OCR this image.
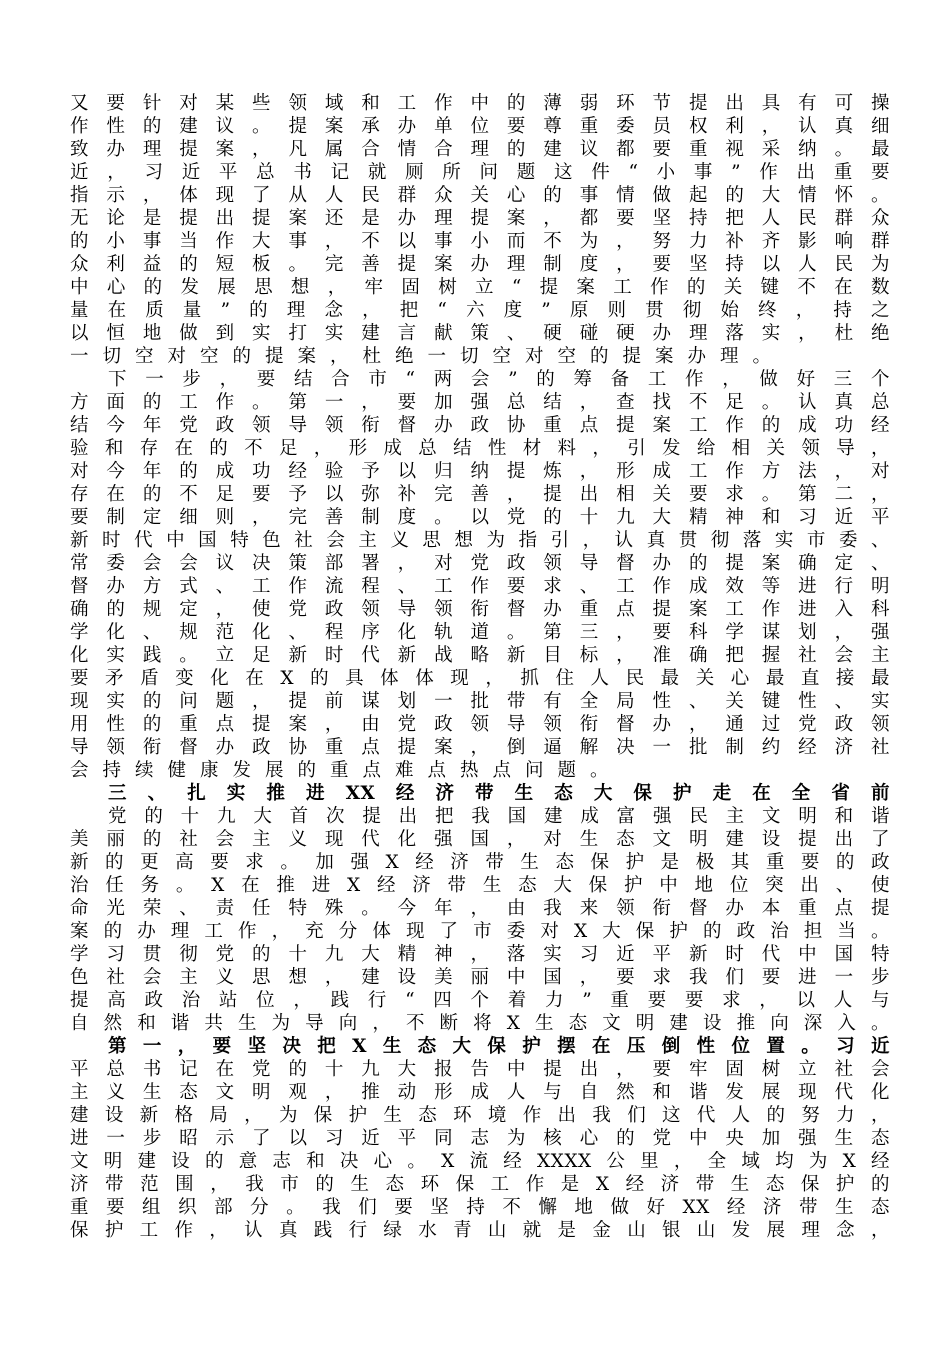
又要针对某些领域和工作中的薄弱环节提出具有可操
作性的建议。提案承办单位要尊重委员权利，认真细
致办理提案，凡属合情合理的建议都要重视采纳。最
近，习近平总书记就厕所问题这件“小事”作出重要
指示，体现了从人民群众关心的事情做起的大情怀。
无论是提出提案还是办理提案，都要坚持把人民群众
的小事当作大事，不以事小而不为，努力补齐影响群
众利益的短板。完善提案办理制度，要坚持以人民为
中心的发展思想，牢固树立“提案工作的关键不在数
量在质量”的理念，把“六度”原则贯彻始终，持之
以恒地做到实打实建言献策、硬碰硬办理落实，杜绝
一切空对空的提案，杜绝一切空对空的提案办理。
下一步，要结合市“两会”的筹备工作，做好三个
方面的工作。第一，要加强总结，查找不足。认真总
结今年党政领导领衔督办政协重点提案工作的成功经
验和存在的不足，形成总结性材料，引发给相关领导，
对今年的成功经验予以归纳提炼，形成工作方法，对
存在的不足要予以弥补完善，提出相关要求。第二，
要制定细则，完善制度。以党的十九大精神和习近平
新时代中国特色社会主义思想为指引，认真贯彻落实市委、
常委会会议决策部署，对党政领导督办的提案确定、
督办方式、工作流程、工作要求、工作成效等进行明
确的规定，使党政领导领衔督办重点提案工作进入科
学化、规范化、程序化轨道。第三，要科学谋划，强
化实践。立足新时代新战略新目标，准确把握社会主
要矛盾变化在X的具体体现，抓住人民最关心最直接最
现实的问题，提前谋划一批带有全局性、关键性、实
用性的重点提案，由党政领导领衔督办，通过党政领
导领衔督办政协重点提案，倒逼解决一批制约经济社
会持续健康发展的重点难点热点问题。
三、扎实推进XX经济带生态大保护走在全省前
党的十九大首次提出把我国建成富强民主文明和谐
美丽的社会主义现代化强国，对生态文明建设提出了
新的更高要求。加强X经济带生态保护是极其重要的政
治任务。X在推进X经济带生态大保护中地位突出、使
命光荣、责任特殊。今年，由我来领衔督办本重点提
案的办理工作，充分体现了市委对X大保护的政治担当。
学习贯彻党的十九大精神，落实习近平新时代中国特
色社会主义思想，建设美丽中国，要求我们要进一步
提高政治站位，践行“四个着力”重要要求，以人与
自然和谐共生为导向，不断将X生态文明建设推向深入。
第一，要坚决把X生态大保护摆在压倒性位置。习近
平总书记在党的十九大报告中提出，要牢固树立社会
主义生态文明观，推动形成人与自然和谐发展现代化
建设新格局，为保护生态环境作出我们这代人的努力，
进一步昭示了以习近平同志为核心的党中央加强生态
文明建设的意志和决心。X流经XXXX公里，全域均为X经
济带范围，我市的生态环保工作是X经济带生态保护的
重要组织部分。我们要坚持不懈地做好XX经济带生态
保护工作，认真践行绿水青山就是金山银山发展理念，
